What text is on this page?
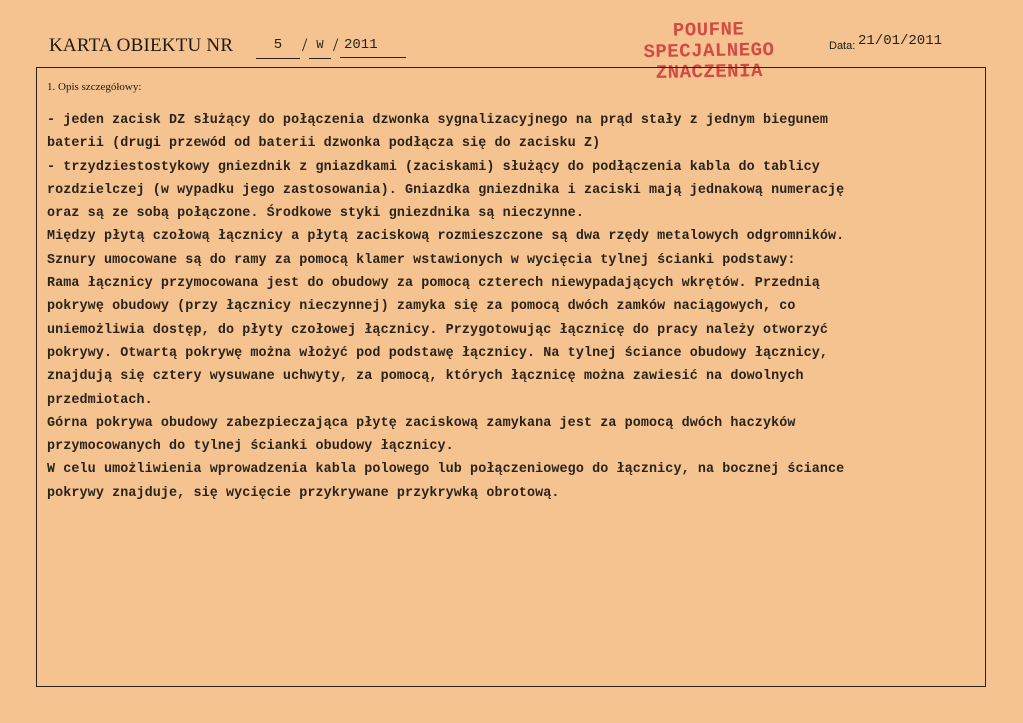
KARTA OBIEKTU NR	5	/ W / 2011
POUFNE
SPECJALNEGO
ZNACZENIA
Data: 21/01/2011
1. Opis szczegółowy:

- jeden zacisk DZ służący do połączenia dzwonka sygnalizacyjnego na prąd stały z jednym biegunem

baterii (drugi przewód od baterii dzwonka podłącza się do zacisku Z)

- trzydziestostykowy gniezdnik z gniazdkami (zaciskami) służący do podłączenia kabla do tablicy

rozdzielczej (w wypadku jego zastosowania). Gniazdka gniezdnika i zaciski mają jednakową numerację

oraz są ze sobą połączone. Środkowe styki gniezdnika są nieczynne.

Między płytą czołową łącznicy a płytą zaciskową rozmieszczone są dwa rzędy metalowych odgromników.

Sznury umocowane są do ramy za pomocą klamer wstawionych w wycięcia tylnej ścianki podstawy:

Rama łącznicy przymocowana jest do obudowy za pomocą czterech niewypadających wkrętów. Przednią

pokrywę obudowy (przy łącznicy nieczynnej) zamyka się za pomocą dwóch zamków naciągowych, co

uniemożliwia dostęp, do płyty czołowej łącznicy. Przygotowując łącznicę do pracy należy otworzyć

pokrywy. Otwartą pokrywę można włożyć pod podstawę łącznicy. Na tylnej ściance obudowy łącznicy,

znajdują się cztery wysuwane uchwyty, za pomocą, których łącznicę można zawiesić na dowolnych

przedmiotach.

Górna pokrywa obudowy zabezpieczająca płytę zaciskową zamykana jest za pomocą dwóch haczyków

przymocowanych do tylnej ścianki obudowy łącznicy.

W celu umożliwienia wprowadzenia kabla polowego lub połączeniowego do łącznicy, na bocznej ściance

pokrywy znajduje, się wycięcie przykrywane przykrywką obrotową.
